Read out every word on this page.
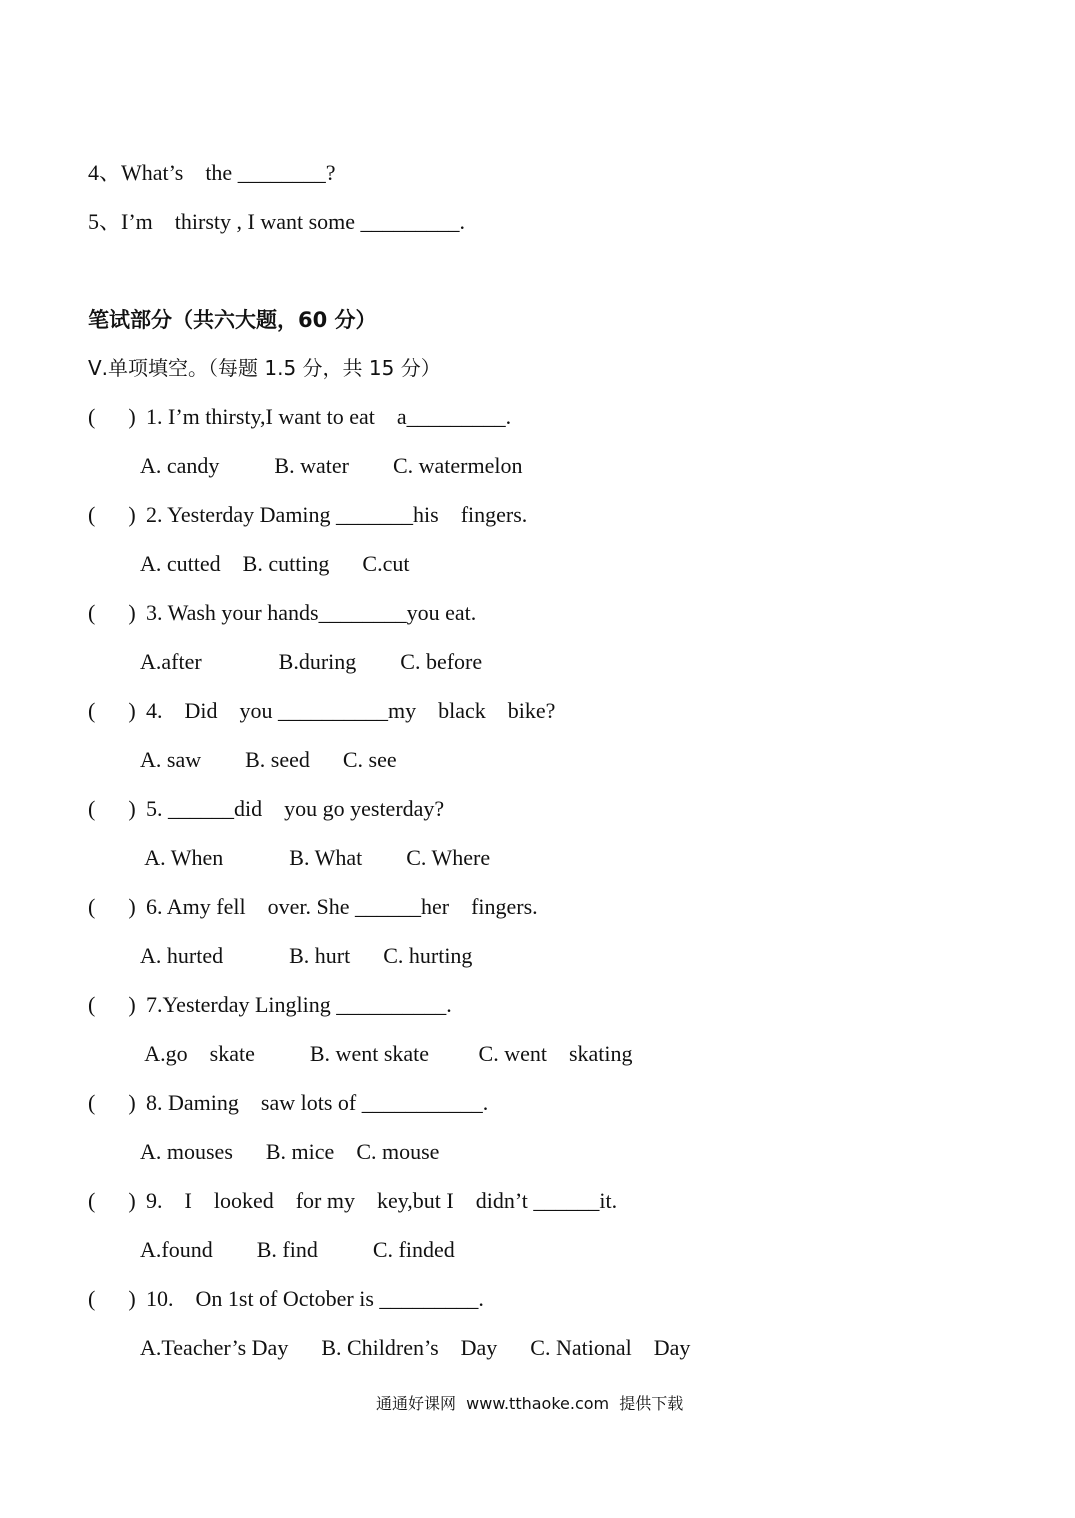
4、What’s    the ________?
5、I’m    thirsty , I want some _________.
笔试部分（共六大题，60 分）
Ⅴ.单项填空。（每题 1.5 分，共 15 分）
(      ) 1. I’m thirsty,I want to eat    a_________.
A. candy          B. water        C. watermelon
(      ) 2. Yesterday Daming _______his    fingers.
A. cutted    B. cutting      C.cut
(      ) 3. Wash your hands________you eat.
A.after              B.during        C. before
(      ) 4.    Did    you __________my    black    bike?
A. saw        B. seed      C. see
(      ) 5. ______did    you go yesterday?
A. When            B. What        C. Where
(      ) 6. Amy fell    over. She ______her    fingers.
A. hurted            B. hurt      C. hurting
(      ) 7.Yesterday Lingling __________.
A.go    skate          B. went skate         C. went    skating
(      ) 8. Daming    saw lots of ___________.
A. mouses      B. mice    C. mouse
(      ) 9.    I    looked    for my    key,but I    didn’t ______it.
A.found        B. find          C. finded
(      ) 10.    On 1st of October is _________.
A.Teacher’s Day      B. Children’s    Day      C. National    Day
通通好课网  www.tthaoke.com  提供下载
